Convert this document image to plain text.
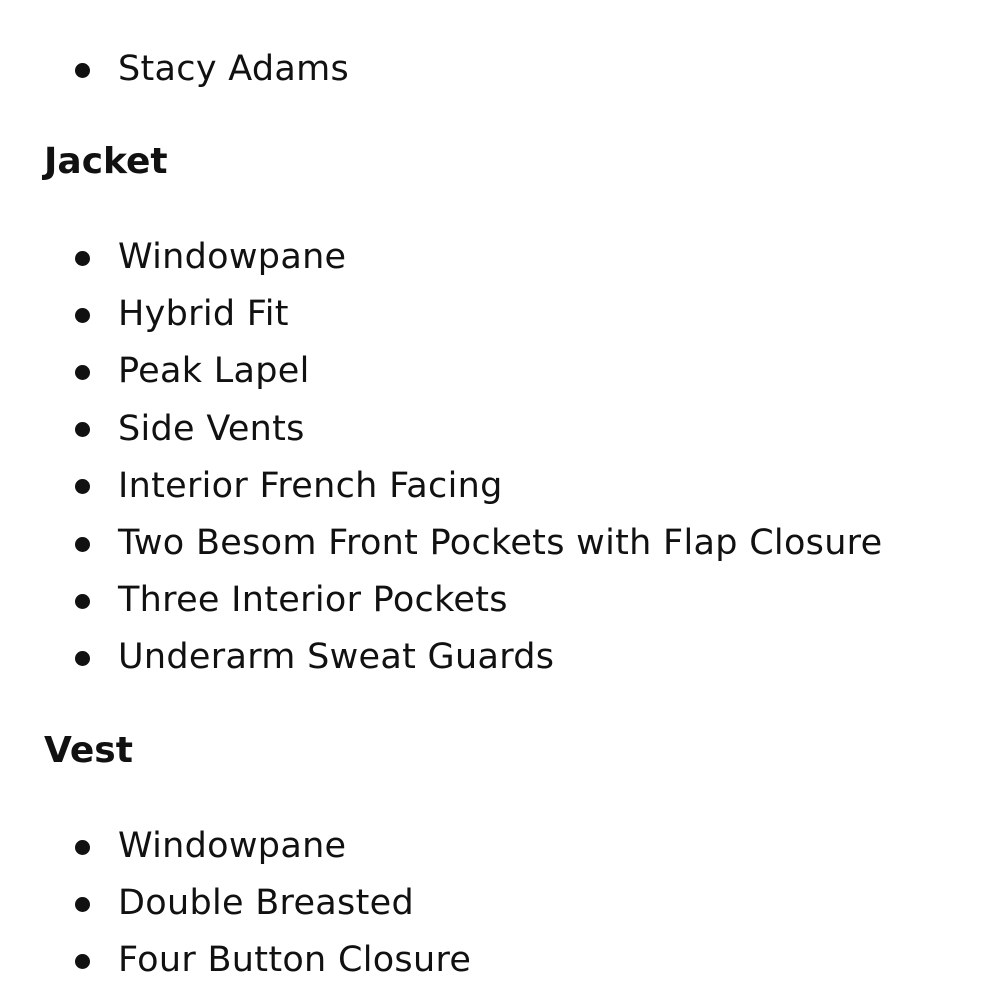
Stacy Adams
Jacket
Windowpane
Hybrid Fit
Peak Lapel
Side Vents
Interior French Facing
Two Besom Front Pockets with Flap Closure
Three Interior Pockets
Underarm Sweat Guards
Vest
Windowpane
Double Breasted
Four Button Closure
